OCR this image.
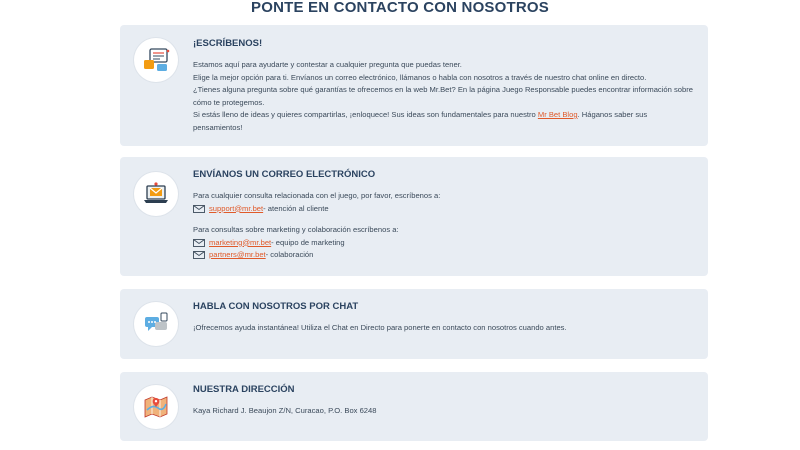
PONTE EN CONTACTO CON NOSOTROS
¡ESCRÍBENOS!
Estamos aquí para ayudarte y contestar a cualquier pregunta que puedas tener.
Elige la mejor opción para ti. Envíanos un correo electrónico, llámanos o habla con nosotros a través de nuestro chat online en directo.
¿Tienes alguna pregunta sobre qué garantías te ofrecemos en la web Mr.Bet? En la página Juego Responsable puedes encontrar información sobre cómo te protegemos.
Si estás lleno de ideas y quieres compartirlas, ¡enloquece! Sus ideas son fundamentales para nuestro Mr Bet Blog. Háganos saber sus pensamientos!
ENVÍANOS UN CORREO ELECTRÓNICO
Para cualquier consulta relacionada con el juego, por favor, escríbenos a:
support@mr.bet - atención al cliente
Para consultas sobre marketing y colaboración escríbenos a:
marketing@mr.bet - equipo de marketing
partners@mr.bet - colaboración
HABLA CON NOSOTROS POR CHAT
¡Ofrecemos ayuda instantánea! Utiliza el Chat en Directo para ponerte en contacto con nosotros cuando antes.
NUESTRA DIRECCIÓN
Kaya Richard J. Beaujon Z/N, Curacao, P.O. Box 6248
